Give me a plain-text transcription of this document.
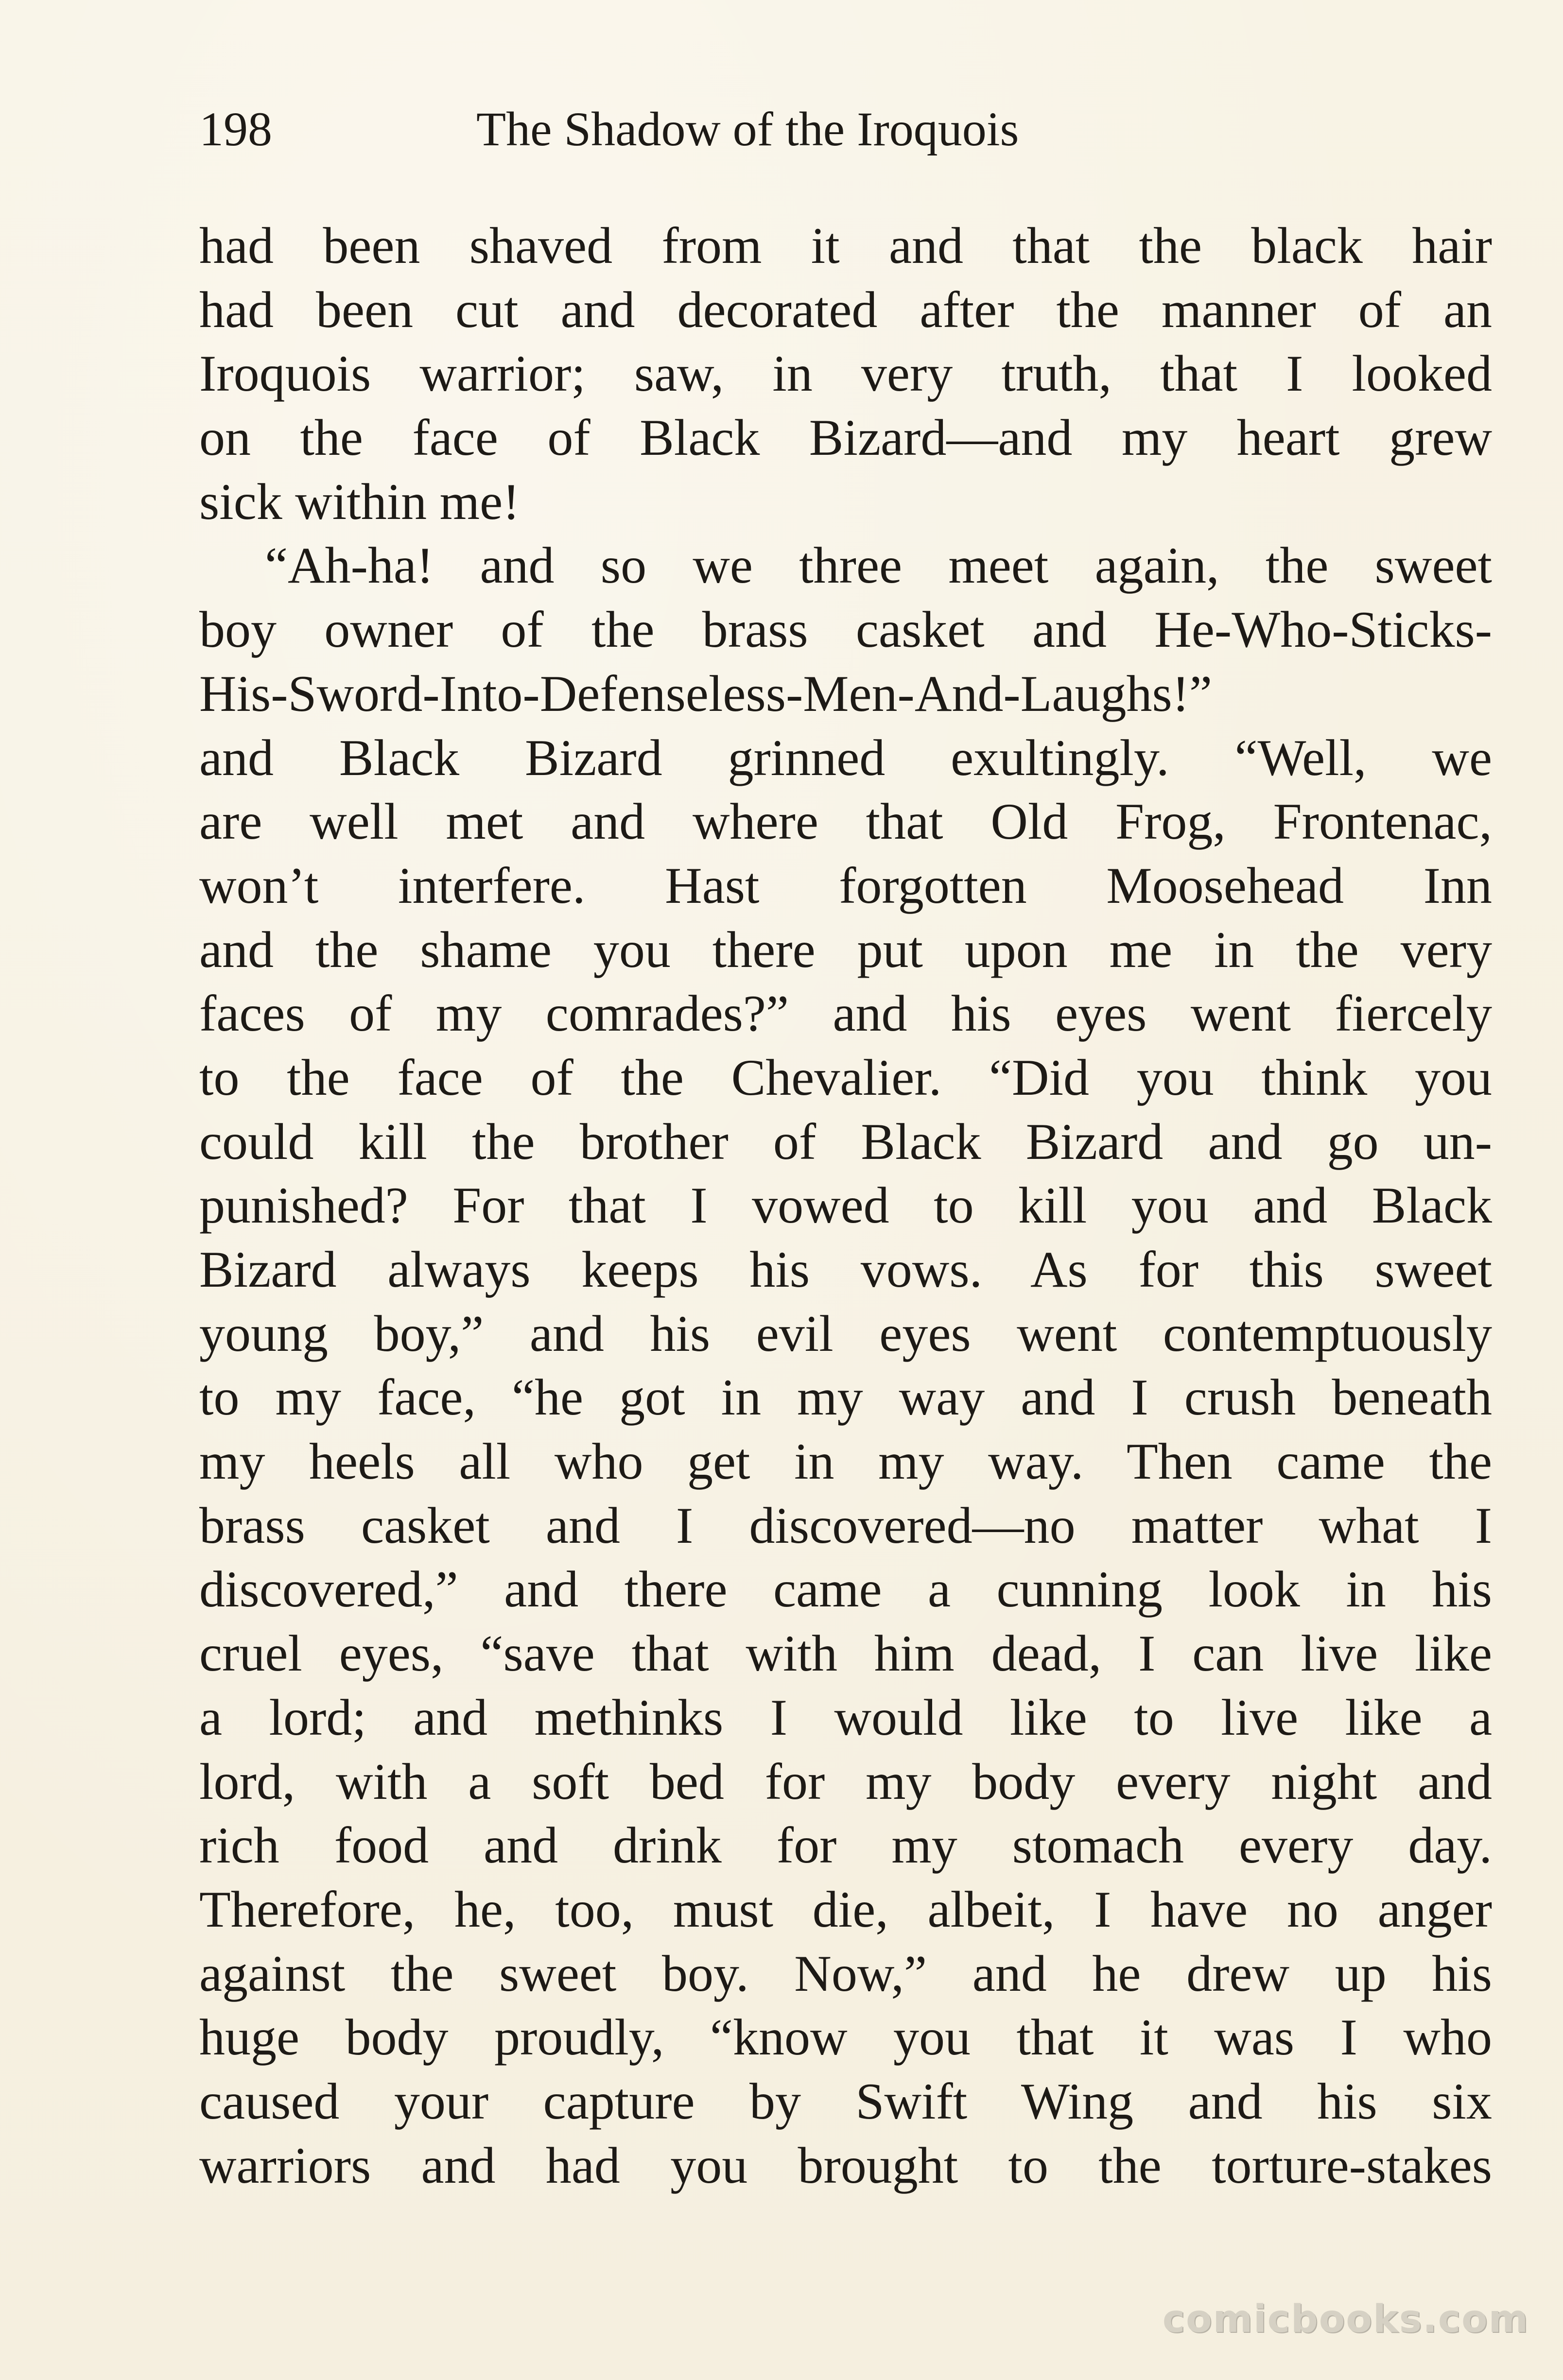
198	The Shadow of the Iroquois
had been shaved from it and that the black hair
had been cut and decorated after the manner of an
Iroquois warrior; saw, in very truth, that I looked
on the face of Black Bizard—and my heart grew
sick within me!
“Ah-ha! and so we three meet again, the sweet
boy owner of the brass casket and He-Who-Sticks-
His-Sword-Into-Defenseless-Men-And-Laughs!”
and Black Bizard grinned exultingly. “Well, we
are well met and where that Old Frog, Frontenac,
won’t interfere. Hast forgotten Moosehead Inn
and the shame you there put upon me in the very
faces of my comrades?” and his eyes went fiercely
to the face of the Chevalier. “Did you think you
could kill the brother of Black Bizard and go un-
punished? For that I vowed to kill you and Black
Bizard always keeps his vows. As for this sweet
young boy,” and his evil eyes went contemptuously
to my face, “he got in my way and I crush beneath
my heels all who get in my way. Then came the
brass casket and I discovered—no matter what I
discovered,” and there came a cunning look in his
cruel eyes, “save that with him dead, I can live like
a lord; and methinks I would like to live like a
lord, with a soft bed for my body every night and
rich food and drink for my stomach every day.
Therefore, he, too, must die, albeit, I have no anger
against the sweet boy. Now,” and he drew up his
huge body proudly, “know you that it was I who
caused your capture by Swift Wing and his six
warriors and had you brought to the torture-stakes
comicbooks.com
